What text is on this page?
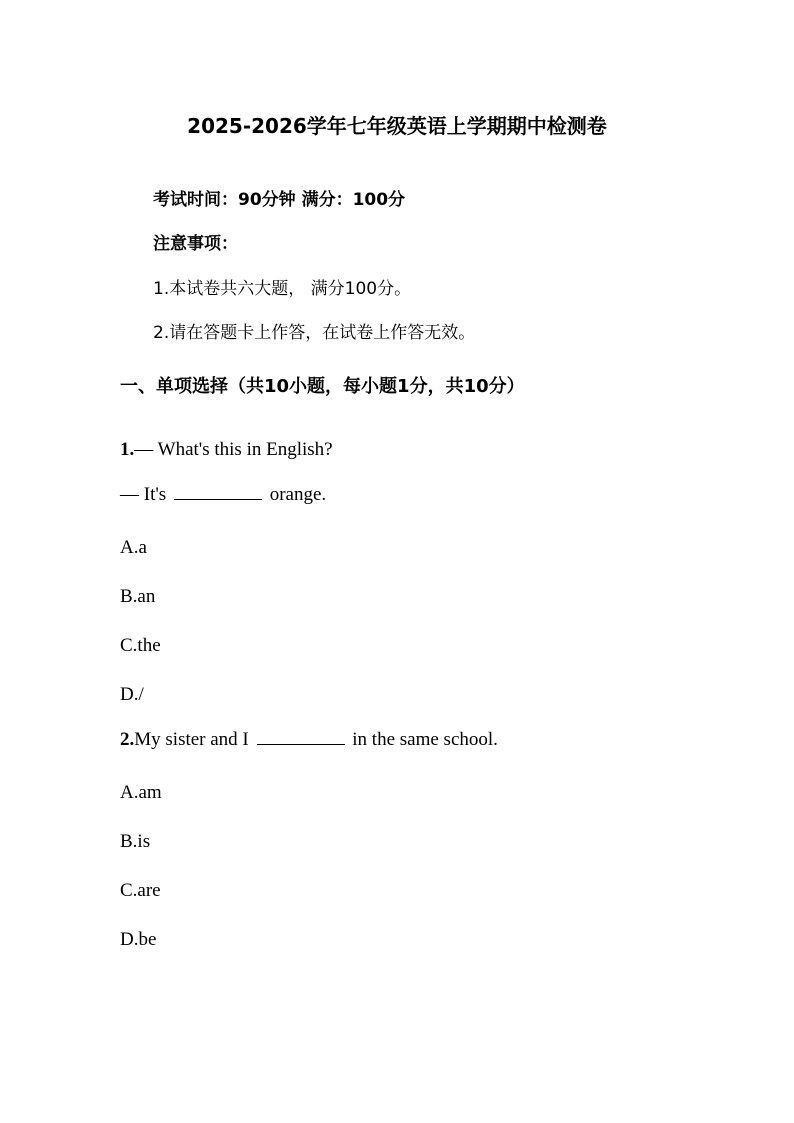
2025-2026学年七年级英语上学期期中检测卷
考试时间：90分钟 满分：100分
注意事项：
1.本试卷共六大题， 满分100分。
2.请在答题卡上作答，在试卷上作答无效。
一、单项选择（共10小题，每小题1分，共10分）
1.— What's this in English?
— It's	orange.
A.a
B.an
C.the
D./
2.My sister and I	in the same school.
A.am
B.is
C.are
D.be
